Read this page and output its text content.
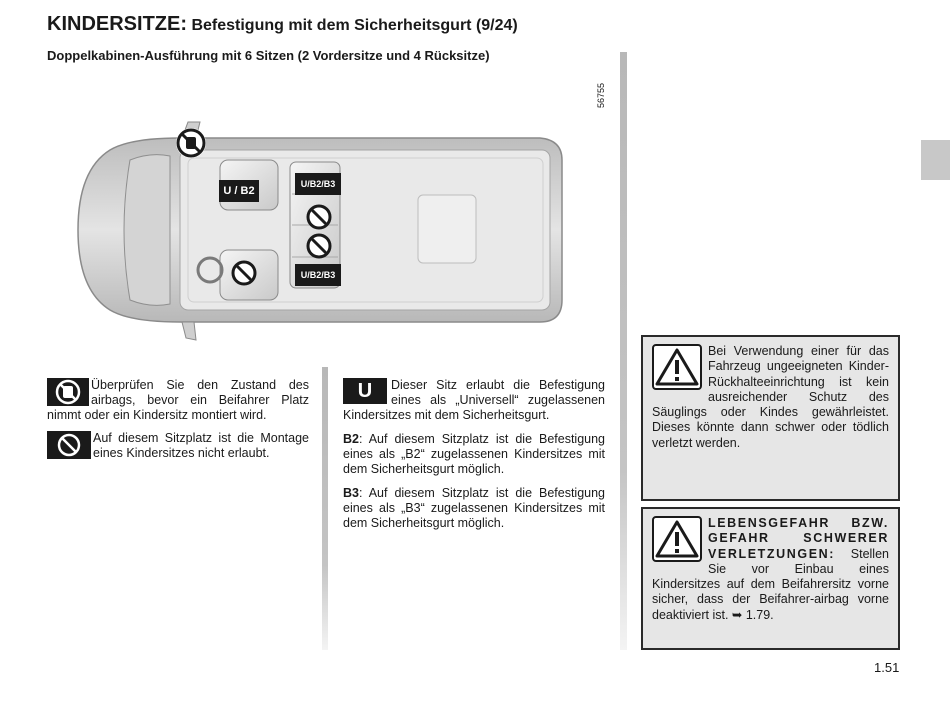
KINDERSITZE: Befestigung mit dem Sicherheitsgurt (9/24)
Doppelkabinen-Ausführung mit 6 Sitzen (2 Vordersitze und 4 Rücksitze)
56755
U / B2
U/B2/B3
U/B2/B3
Überprüfen Sie den Zustand des airbags, bevor ein Beifahrer Platz nimmt oder ein Kindersitz montiert wird.
Auf diesem Sitzplatz ist die Montage eines Kindersitzes nicht erlaubt.

U	Dieser Sitz erlaubt die Befestigung eines als „Universell“ zugelassenen Kindersitzes mit dem Sicherheitsgurt.

B2: Auf diesem Sitzplatz ist die Befestigung eines als „B2“ zugelassenen Kindersitzes mit dem Sicherheitsgurt möglich.

B3: Auf diesem Sitzplatz ist die Befestigung eines als „B3“ zugelassenen Kindersitzes mit dem Sicherheitsgurt möglich.

Bei Verwendung einer für das Fahrzeug ungeeigneten Kinder-Rückhalteeinrichtung ist kein ausreichender Schutz des Säuglings oder Kindes gewährleistet. Dieses könnte dann schwer oder tödlich verletzt werden.
LEBENSGEFAHR BZW. GEFAHR SCHWERER VERLETZUNGEN: Stellen Sie vor Einbau eines Kindersitzes auf dem Beifahrersitz vorne sicher, dass der Beifahrer-airbag vorne deaktiviert ist. ➥ 1.79.
1.51
